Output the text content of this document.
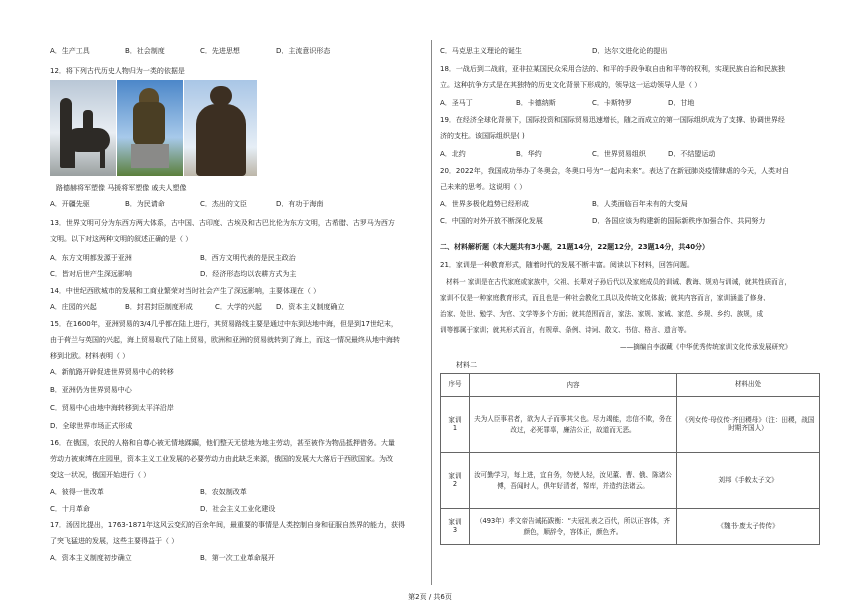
A．生产工具	B．社会制度	C．先进思想	D．主流意识形态
12．将下列古代历史人物归为一类的依据是
路德赫将军塑像 马援将军塑像 戚夫人塑像
A．开疆先驱	B．为民请命	C．杰出的文臣	D．有功于海南
13．世界文明可分为东西方两大体系，古中国、古印度、古埃及和古巴比伦为东方文明，古希腊、古罗马为西方
文明。以下对这两种文明的叙述正确的是（ ）
A．东方文明都发源于亚洲	B．西方文明代表的是民主政治
C．皆对后世产生深远影响	D．经济形态均以农耕方式为主
14．中世纪西欧城市的发展和工商业繁荣对当时社会产生了深远影响，主要体现在（ ）
A．庄园的兴起	B．封君封臣制度形成	C．大学的兴起 D．资本主义制度确立
15．在1600年，亚洲贸易的3/4几乎都在陆上进行，其贸易路线主要是通过中东到达地中海，但是到17世纪末，
由于荷兰与英国的兴起，海上贸易取代了陆上贸易，欧洲和亚洲的贸易就转到了海上，而这一情况最终从地中海转
移到北欧。材料表明（ ）
A．新航路开辟促进世界贸易中心的转移
B．亚洲仍为世界贸易中心
C．贸易中心由地中海转移到太平洋沿岸
D．全球世界市场正式形成
16．在俄国，农民的人格和自尊心被无情地蹂躏，他们整天无偿地为地主劳动，甚至被作为物品抵押借务。大量
劳动力被束缚在庄园里，资本主义工业发展的必要劳动力由此缺乏来源，俄国的发展大大落后于西欧国家。为改
变这一状况，俄国开始进行（ ）
A．彼得一世改革	B．农奴制改革
C．十月革命	D．社会主义工业化建设
17．汤因比提出，1763-1871年这风云变幻的百余年间，最重要的事情是人类控制自身和征服自然界的能力，获得
了突飞猛进的发展，这些主要得益于（ ）
A．资本主义制度初步确立	B．第一次工业革命展开
C．马克思主义理论的诞生	D．达尔文进化论的提出
18．一战后到二战前，亚非拉某国民众采用合法的、和平的手段争取自由和平等的权利，实现民族自治和民族独
立。这种抗争方式是在其独特的历史文化背景下形成的，领导这一运动领导人是（ ）
A．圣马丁	B．卡德纳斯	C．卡斯特罗	D．甘地
19．在经济全球化背景下，国际投资和国际贸易迅速增长，随之而成立的第一国际组织成为了支撑、协调世界经
济的支柱。该国际组织是( )
A．北约	B．华约	C．世界贸易组织	D．不结盟运动
20．2022年，我国成功举办了冬奥会，冬奥口号为“一起向未来”。表达了在新冠肺炎疫情肆虐的今天，人类对自
己未来的思考。这说明（ ）
A．世界多极化趋势已经形成	B．人类面临百年未有的大变局
C．中国的对外开放不断深化发展	D．各国应该为构建新的国际新秩序加强合作、共同努力
二、材料解析题（本大题共有3小题，21题14分，22题12分，23题14分，共40分）
21．家训是一种教育形式，随着时代的发展不断丰富。阅读以下材料，回答问题。
材料一 家训是在古代家庭或家族中，父祖、长辈对子孙后代以及家庭成员的训诫、教诲、规劝与训诫，就其性质而言，
家训不仅是一种家庭教育形式，而且也是一种社会教化工具以及传统文化体裁；就其内容而言，家训涵盖了修身、
治家、处世、勉学、为官、文学等多个方面；就其范围而言，家法、家规、家诫、家范、乡规、乡约、族规，成
训等都属于家训；就其形式而言，有规章、条例、诗词、散文、书信、格言、遗言等。
——摘编自李淑藏《中华优秀传统家训文化传承发展研究》
材料二
序号	内容	材料出处
家训
1	夫为人臣事君者，欲为人子而事其父也。尽力竭能，忠信不欺，务在改过，必死罪辜，廉洁公正，故道而无恶。	《列女传·母仪传·齐田稷母》（注：田稷，战国时期齐国人）
家训
2	汝可勤学习，每上进，宜自务，勿使人轻，汝见董、曹、俄、陈诸公傅，吾闻时人，俱年好清者，帑库，并造约法诸云。	刘邦《手敕太子文》
家训
3	（493年）孝文帝告诫拓跋衡：“夫冠礼表之百代，所以正容体，齐颜色，顺辞令，容体正，颜色齐。	《魏书·废太子传传》
第2页 / 共6页
